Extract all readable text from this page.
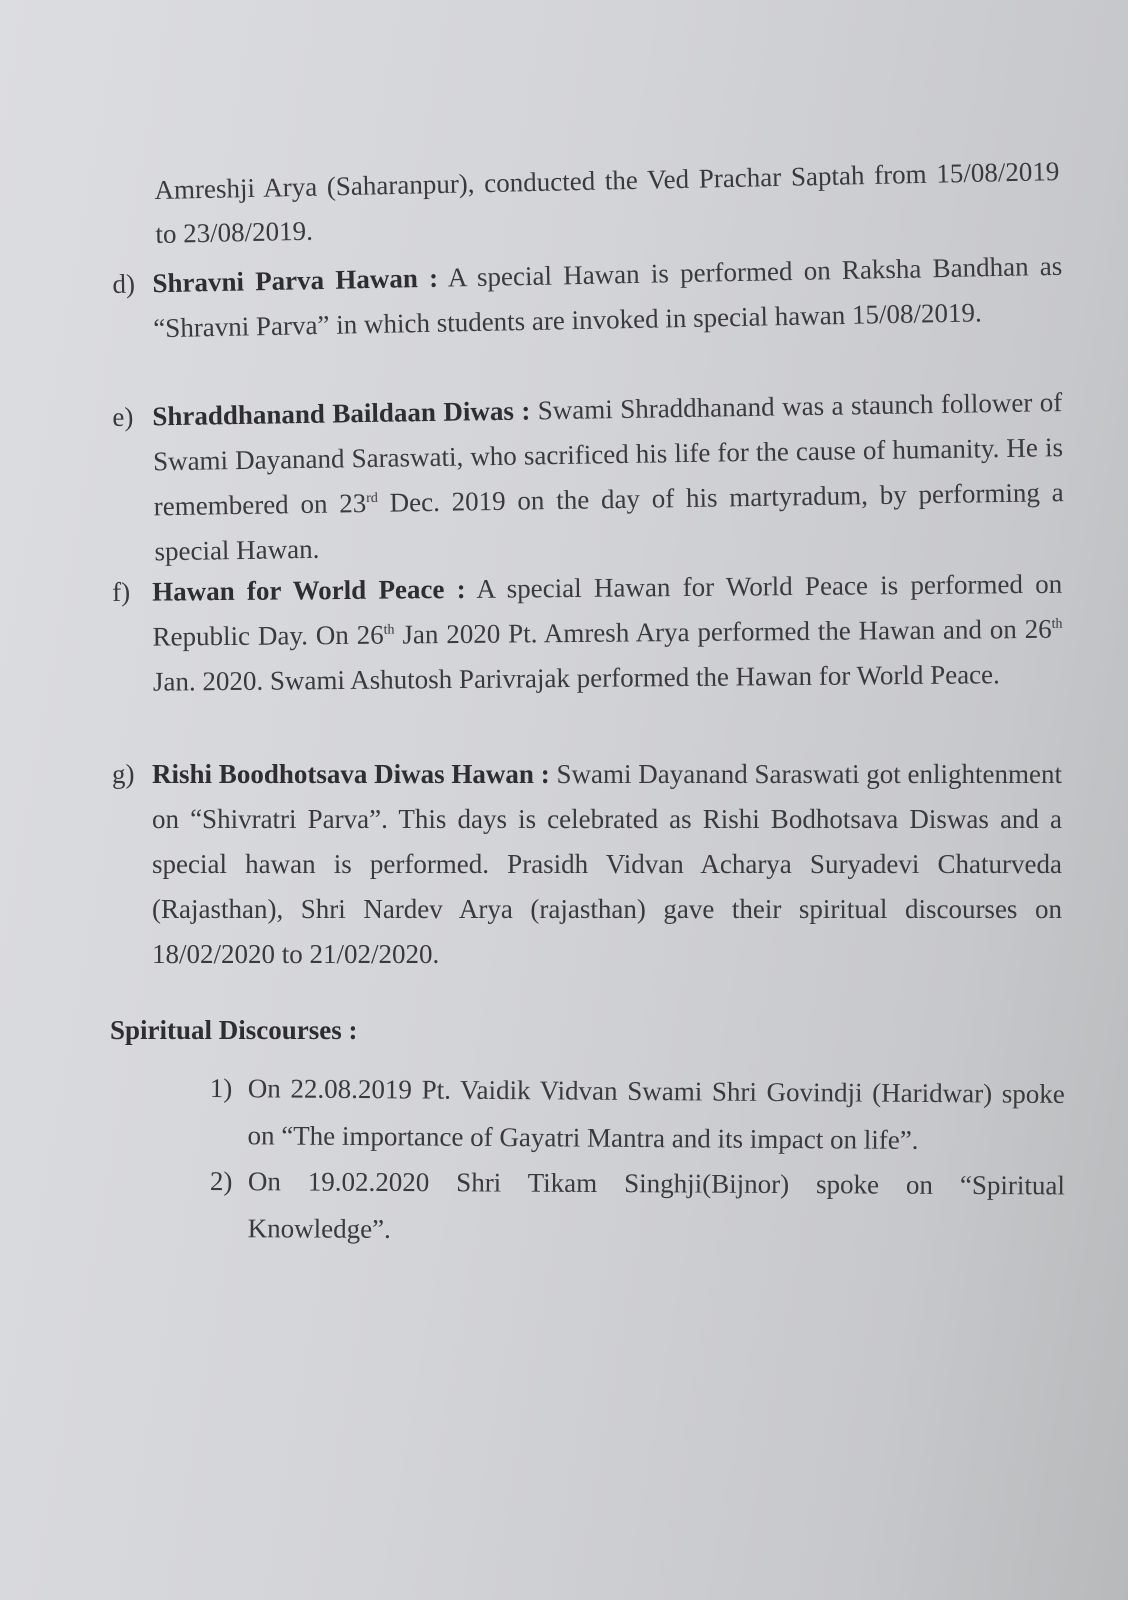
Amreshji Arya (Saharanpur), conducted the Ved Prachar Saptah from 15/08/2019 to 23/08/2019.
d) Shravni Parva Hawan : A special Hawan is performed on Raksha Bandhan as “Shravni Parva” in which students are invoked in special hawan 15/08/2019.
e) Shraddhanand Baildaan Diwas : Swami Shraddhanand was a staunch follower of Swami Dayanand Saraswati, who sacrificed his life for the cause of humanity. He is remembered on 23rd Dec. 2019 on the day of his martyradum, by performing a special Hawan.
f) Hawan for World Peace : A special Hawan for World Peace is performed on Republic Day. On 26th Jan 2020 Pt. Amresh Arya performed the Hawan and on 26th Jan. 2020. Swami Ashutosh Parivrajak performed the Hawan for World Peace.
g) Rishi Boodhotsava Diwas Hawan : Swami Dayanand Saraswati got enlightenment on “Shivratri Parva”. This days is celebrated as Rishi Bodhotsava Diswas and a special hawan is performed. Prasidh Vidvan Acharya Suryadevi Chaturveda (Rajasthan), Shri Nardev Arya (rajasthan) gave their spiritual discourses on 18/02/2020 to 21/02/2020.
Spiritual Discourses :
1) On 22.08.2019 Pt. Vaidik Vidvan Swami Shri Govindji (Haridwar) spoke on “The importance of Gayatri Mantra and its impact on life”.
2) On 19.02.2020 Shri Tikam Singhji(Bijnor) spoke on “Spiritual Knowledge”.
